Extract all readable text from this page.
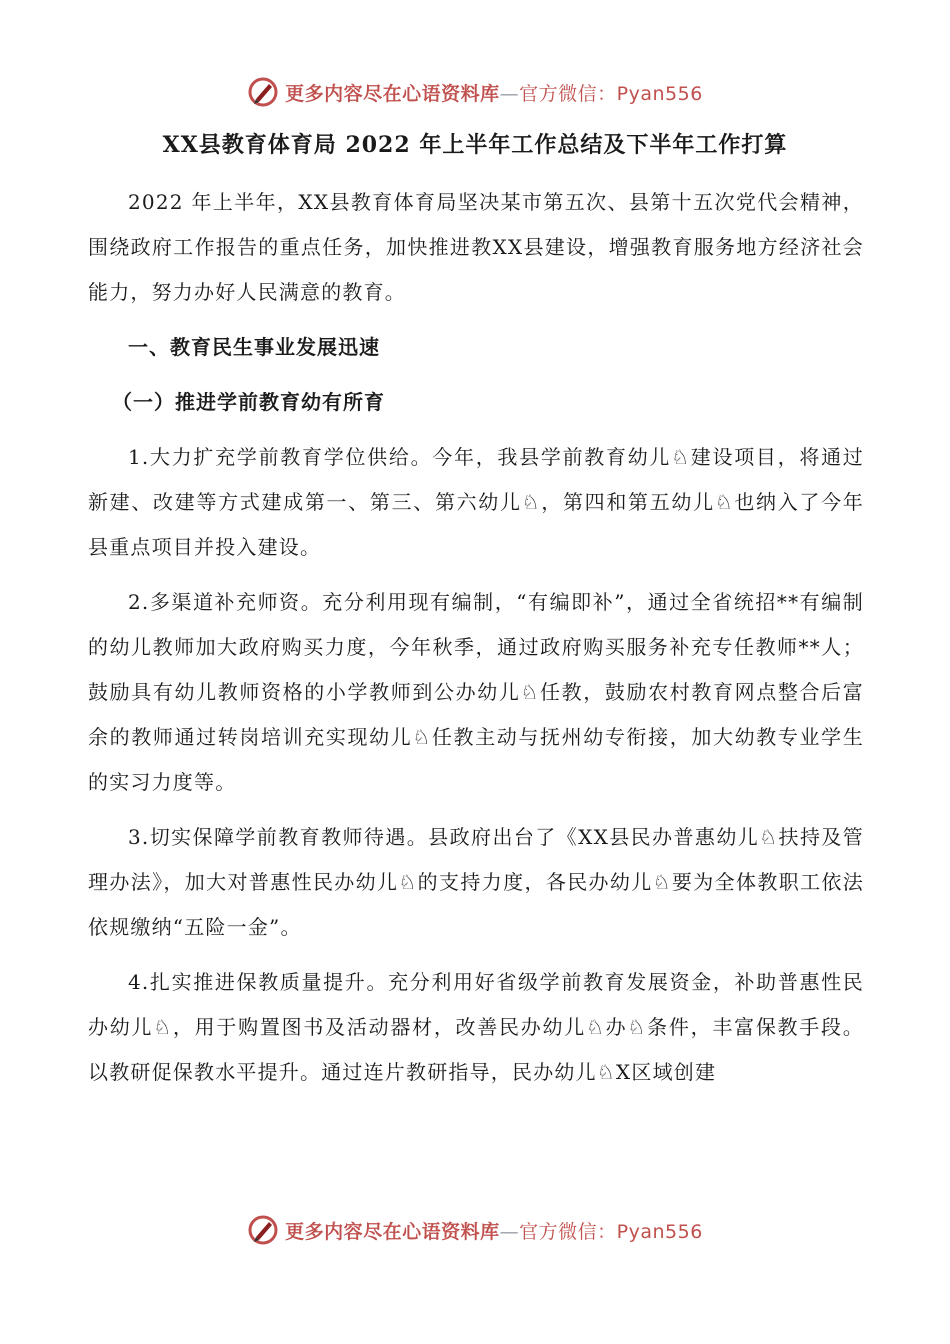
更多内容尽在心语资料库—官方微信：Pyan556
XX县教育体育局 2022 年上半年工作总结及下半年工作打算

2022 年上半年，XX县教育体育局坚决某市第五次、县第十五次党代会精神，围绕政府工作报告的重点任务，加快推进教XX县建设，增强教育服务地方经济社会能力，努力办好人民满意的教育。

一、教育民生事业发展迅速

（一）推进学前教育幼有所育

1.大力扩充学前教育学位供给。今年，我县学前教育幼儿♘建设项目，将通过新建、改建等方式建成第一、第三、第六幼儿♘，第四和第五幼儿♘也纳入了今年县重点项目并投入建设。

2.多渠道补充师资。充分利用现有编制，“有编即补”，通过全省统招**有编制的幼儿教师加大政府购买力度，今年秋季，通过政府购买服务补充专任教师**人；鼓励具有幼儿教师资格的小学教师到公办幼儿♘任教，鼓励农村教育网点整合后富余的教师通过转岗培训充实现幼儿♘任教主动与抚州幼专衔接，加大幼教专业学生的实习力度等。

3.切实保障学前教育教师待遇。县政府出台了《XX县民办普惠幼儿♘扶持及管理办法》，加大对普惠性民办幼儿♘的支持力度，各民办幼儿♘要为全体教职工依法依规缴纳“五险一金”。

4.扎实推进保教质量提升。充分利用好省级学前教育发展资金，补助普惠性民办幼儿♘，用于购置图书及活动器材，改善民办幼儿♘办♘条件，丰富保教手段。以教研促保教水平提升。通过连片教研指导，民办幼儿♘X区域创建

更多内容尽在心语资料库—官方微信：Pyan556
